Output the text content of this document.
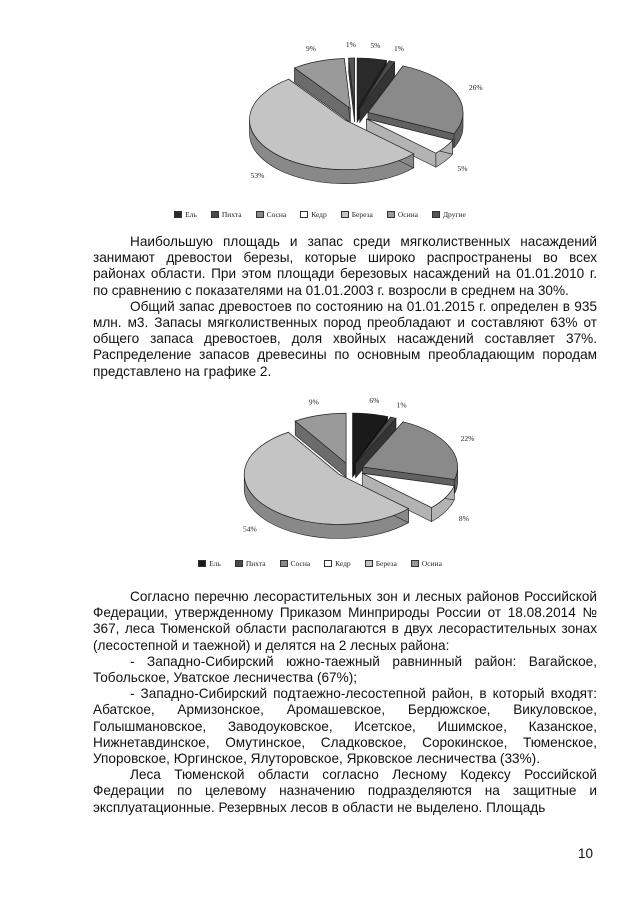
5% 1%
26%
5%
53%
9%	1%
Ель	Пихта	Сосна	Кедр	Береза	Осина	Другие

Наибольшую площадь и запас среди мягколиственных насаждений занимают древостои березы, которые широко распространены во всех районах области. При этом площади березовых насаждений на 01.01.2010 г. по сравнению с показателями на 01.01.2003 г. возросли в среднем на 30%.

Общий запас древостоев по состоянию на 01.01.2015 г. определен в 935 млн. м3. Запасы мягколиственных пород преобладают и составляют 63% от общего запаса древостоев, доля хвойных насаждений составляет 37%. Распределение запасов древесины по основным преобладающим породам представлено на графике 2.

6% 1%
22%
8%
54%
9%
Ель	Пихта	Сосна	Кедр	Береза	Осина

Согласно перечню лесорастительных зон и лесных районов Российской Федерации, утвержденному Приказом Минприроды России от 18.08.2014 № 367, леса Тюменской области располагаются в двух лесорастительных зонах (лесостепной и таежной) и делятся на 2 лесных района:

- Западно-Сибирский южно-таежный равнинный район: Вагайское, Тобольское, Уватское лесничества (67%);

- Западно-Сибирский подтаежно-лесостепной район, в который входят: Абатское, Армизонское, Аромашевское, Бердюжское, Викуловское, Голышмановское, Заводоуковское, Исетское, Ишимское, Казанское, Нижнетавдинское, Омутинское, Сладковское, Сорокинское, Тюменское, Упоровское, Юргинское, Ялуторовское, Ярковское лесничества (33%).

Леса Тюменской области согласно Лесному Кодексу Российской Федерации по целевому назначению подразделяются на защитные и эксплуатационные. Резервных лесов в области не выделено. Площадь

10
